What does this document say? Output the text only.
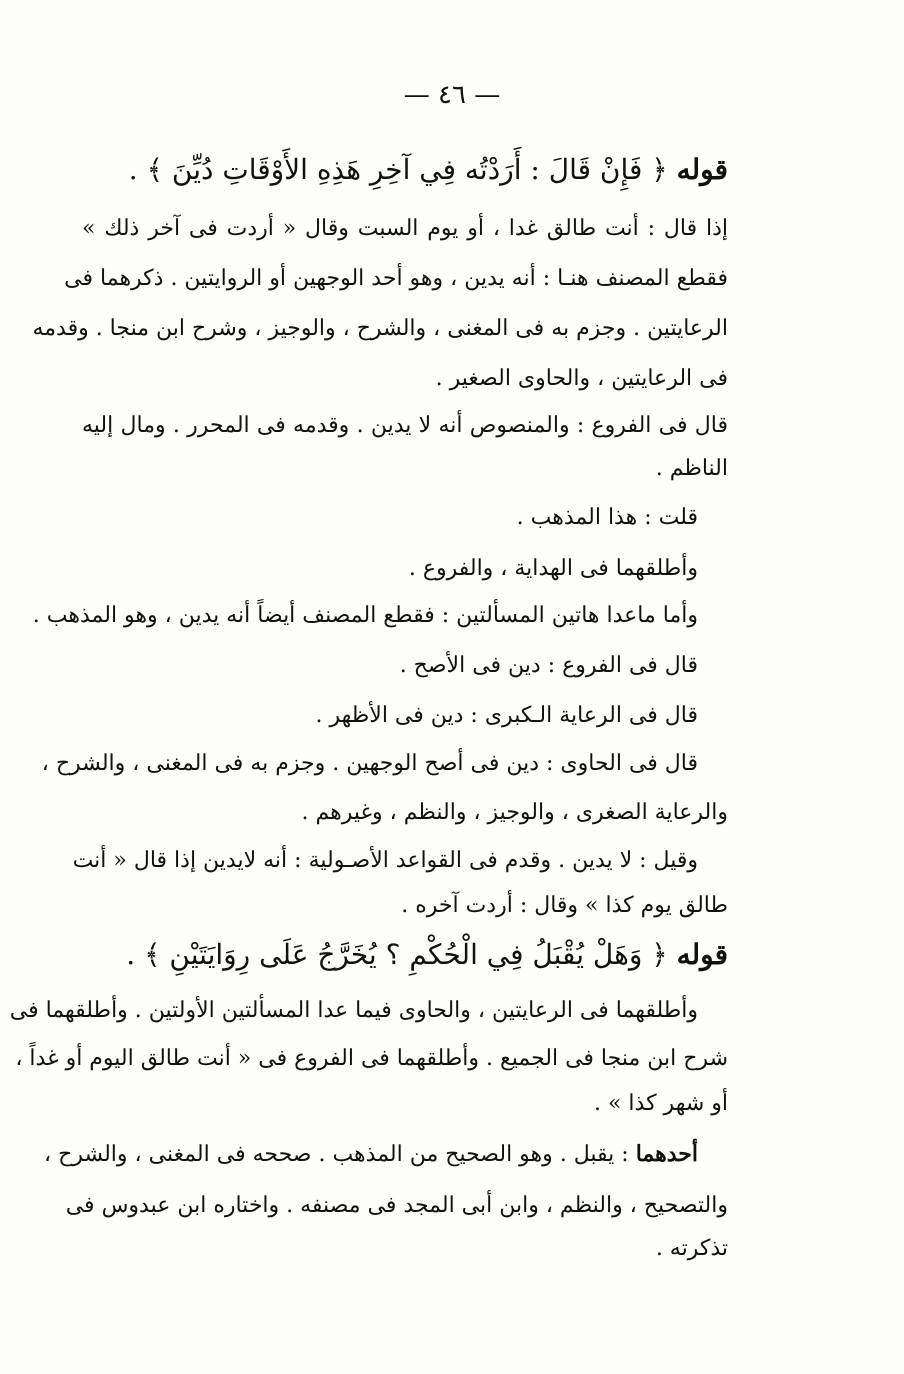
— ٤٦ —
قوله ﴿ فَإِنْ قَالَ : أَرَدْتُه فِي آخِرِ هَذِهِ الأَوْقَاتِ دُيِّنَ ﴾ .
إذا قال : أنت طالق غدا ، أو يوم السبت وقال « أردت فى آخر ذلك »
فقطع المصنف هنـا : أنه يدين ، وهو أحد الوجهين أو الروايتين . ذكرهما فى
الرعايتين . وجزم به فى المغنى ، والشرح ، والوجيز ، وشرح ابن منجا . وقدمه
فى الرعايتين ، والحاوى الصغير .
قال فى الفروع : والمنصوص أنه لا يدين . وقدمه فى المحرر . ومال إليه
الناظم .
قلت : هذا المذهب .
وأطلقهما فى الهداية ، والفروع .
وأما ماعدا هاتين المسألتين : فقطع المصنف أيضاً أنه يدين ، وهو المذهب .
قال فى الفروع : دين فى الأصح .
قال فى الرعاية الـكبرى : دين فى الأظهر .
قال فى الحاوى : دين فى أصح الوجهين . وجزم به فى المغنى ، والشرح ،
والرعاية الصغرى ، والوجيز ، والنظم ، وغيرهم .
وقيل : لا يدين . وقدم فى القواعد الأصـولية : أنه لايدين إذا قال « أنت
طالق يوم كذا » وقال : أردت آخره .
قوله ﴿ وَهَلْ يُقْبَلُ فِي الْحُكْمِ ؟ يُخَرَّجُ عَلَى رِوَايَتَيْنِ ﴾ .
وأطلقهما فى الرعايتين ، والحاوى فيما عدا المسألتين الأولتين . وأطلقهما فى
شرح ابن منجا فى الجميع . وأطلقهما فى الفروع فى « أنت طالق اليوم أو غداً ،
أو شهر كذا » .
أحدهما : يقبل . وهو الصحيح من المذهب . صححه فى المغنى ، والشرح ،
والتصحيح ، والنظم ، وابن أبى المجد فى مصنفه . واختاره ابن عبدوس فى
تذكرته .
